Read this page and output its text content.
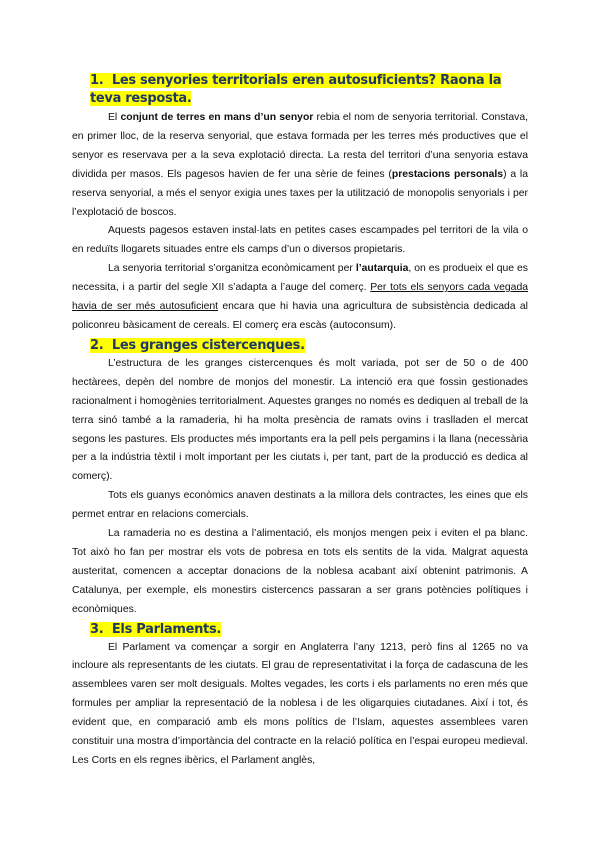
1. Les senyories territorials eren autosuficients? Raona la teva resposta.

El conjunt de terres en mans d’un senyor rebia el nom de senyoria territorial. Constava, en primer lloc, de la reserva senyorial, que estava formada per les terres més productives que el senyor es reservava per a la seva explotació directa. La resta del territori d’una senyoria estava dividida per masos. Els pagesos havien de fer una sèrie de feines (prestacions personals) a la reserva senyorial, a més el senyor exigia unes taxes per la utilització de monopolis senyorials i per l’explotació de boscos.

Aquests pagesos estaven instal·lats en petites cases escampades pel territori de la vila o en reduïts llogarets situades entre els camps d’un o diversos propietaris.

La senyoria territorial s’organitza econòmicament per l’autarquia, on es produeix el que es necessita, i a partir del segle XII s’adapta a l’auge del comerç. Per tots els senyors cada vegada havia de ser més autosuficient encara que hi havia una agricultura de subsistència dedicada al policonreu bàsicament de cereals. El comerç era escàs (autoconsum).

2. Les granges cistercenques.

L’estructura de les granges cistercenques és molt variada, pot ser de 50 o de 400 hectàrees, depèn del nombre de monjos del monestir. La intenció era que fossin gestionades racionalment i homogènies territorialment. Aquestes granges no només es dediquen al treball de la terra sinó també a la ramaderia, hi ha molta presència de ramats ovins i traslladen el mercat segons les pastures. Els productes més importants era la pell pels pergamins i la llana (necessària per a la indústria tèxtil i molt important per les ciutats i, per tant, part de la producció es dedica al comerç).

Tots els guanys econòmics anaven destinats a la millora dels contractes, les eines que els permet entrar en relacions comercials.

La ramaderia no es destina a l’alimentació, els monjos mengen peix i eviten el pa blanc. Tot això ho fan per mostrar els vots de pobresa en tots els sentits de la vida. Malgrat aquesta austeritat, comencen a acceptar donacions de la noblesa acabant així obtenint patrimonis. A Catalunya, per exemple, els monestirs cistercencs passaran a ser grans potències polítiques i econòmiques.

3. Els Parlaments.

El Parlament va començar a sorgir en Anglaterra l’any 1213, però fins al 1265 no va incloure als representants de les ciutats. El grau de representativitat i la força de cadascuna de les assemblees varen ser molt desiguals. Moltes vegades, les corts i els parlaments no eren més que formules per ampliar la representació de la noblesa i de les oligarquies ciutadanes. Així i tot, és evident que, en comparació amb els mons polítics de l’Islam, aquestes assemblees varen constituir una mostra d’importància del contracte en la relació política en l’espai europeu medieval. Les Corts en els regnes ibèrics, el Parlament anglès,
